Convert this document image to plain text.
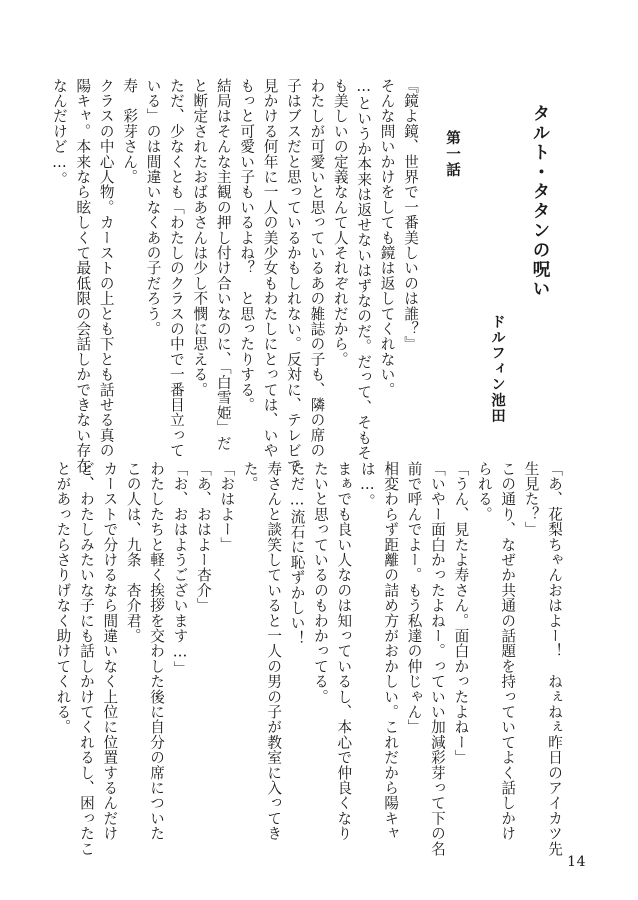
タルト・タタンの呪い
ドルフィン池田
第一話
『鏡よ鏡、世界で一番美しいのは誰？』
そんな問いかけをしても鏡は返してくれない。
…というか本来は返せないはずなのだ。だって、そもそ
も美しいの定義なんて人それぞれだから。
わたしが可愛いと思っているあの雑誌の子も、隣の席の
子はブスだと思っているかもしれない。反対に、テレビで
見かける何年に一人の美少女もわたしにとっては、いや
もっと可愛い子もいるよね？　と思ったりする。
結局はそんな主観の押し付け合いなのに、「白雪姫」だ
と断定されたおばあさんは少し不憫に思える。
ただ、少なくとも「わたしのクラスの中で一番目立って
いる」のは間違いなくあの子だろう。
寿　彩芽さん。
クラスの中心人物。カーストの上とも下とも話せる真の
陽キャ。本来なら眩しくて最低限の会話しかできない存在
なんだけど…。
「あ、花梨ちゃんおはよー！　ねぇねぇ昨日のアイカツ先
生見た？」
この通り、なぜか共通の話題を持っていてよく話しかけ
られる。
「うん、見たよ寿さん。面白かったよねー」
「いやー面白かったよねー。っていい加減彩芽って下の名
前で呼んでよー。もう私達の仲じゃん」
相変わらず距離の詰め方がおかしい。これだから陽キャ
は…。
まぁでも良い人なのは知っているし、本心で仲良くなり
たいと思っているのもわかってる。
ただ…流石に恥ずかしい！
寿さんと談笑していると一人の男の子が教室に入ってき
た。
「おはよー」
「あ、おはよー杏介」
「お、おはようございます…」
わたしたちと軽く挨拶を交わした後に自分の席についた
この人は、九条　杏介君。
カーストで分けるなら間違いなく上位に位置するんだけ
ど、わたしみたいな子にも話しかけてくれるし、困ったこ
とがあったらさりげなく助けてくれる。
14
